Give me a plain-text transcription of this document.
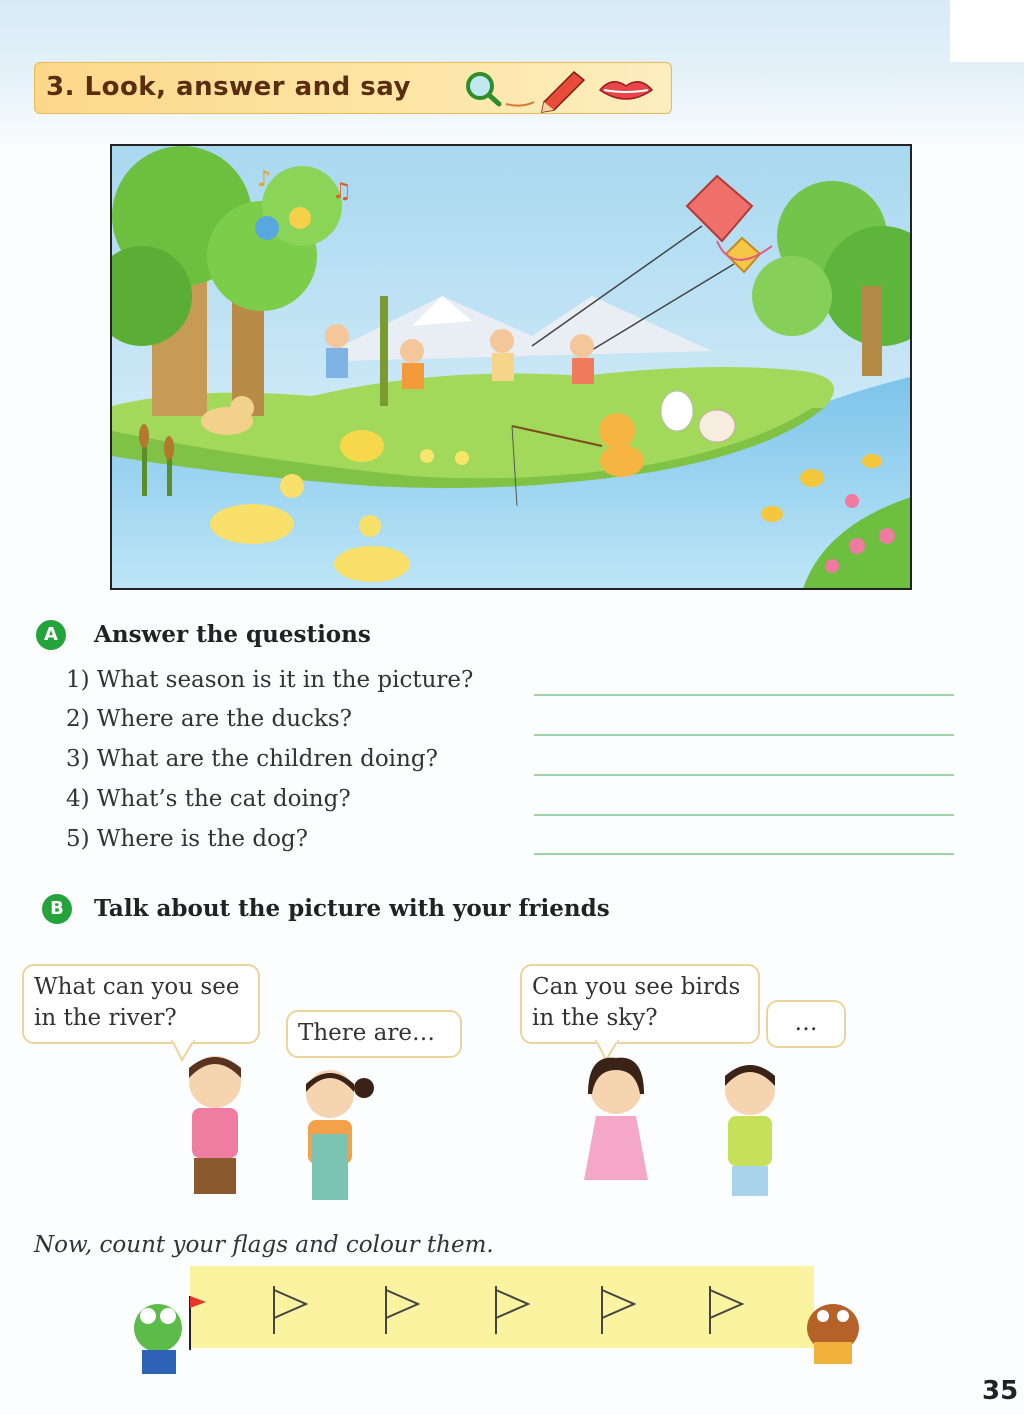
3. Look, answer and say
♪	♫
A	Answer the questions
1) What season is it in the picture?
2) Where are the ducks?
3) What are the children doing?
4) What’s the cat doing?
5) Where is the dog?
B	Talk about the picture with your friends
What can you see
in the river?
There are…
Can you see birds
in the sky?	…
Now, count your flags and colour them.
35
